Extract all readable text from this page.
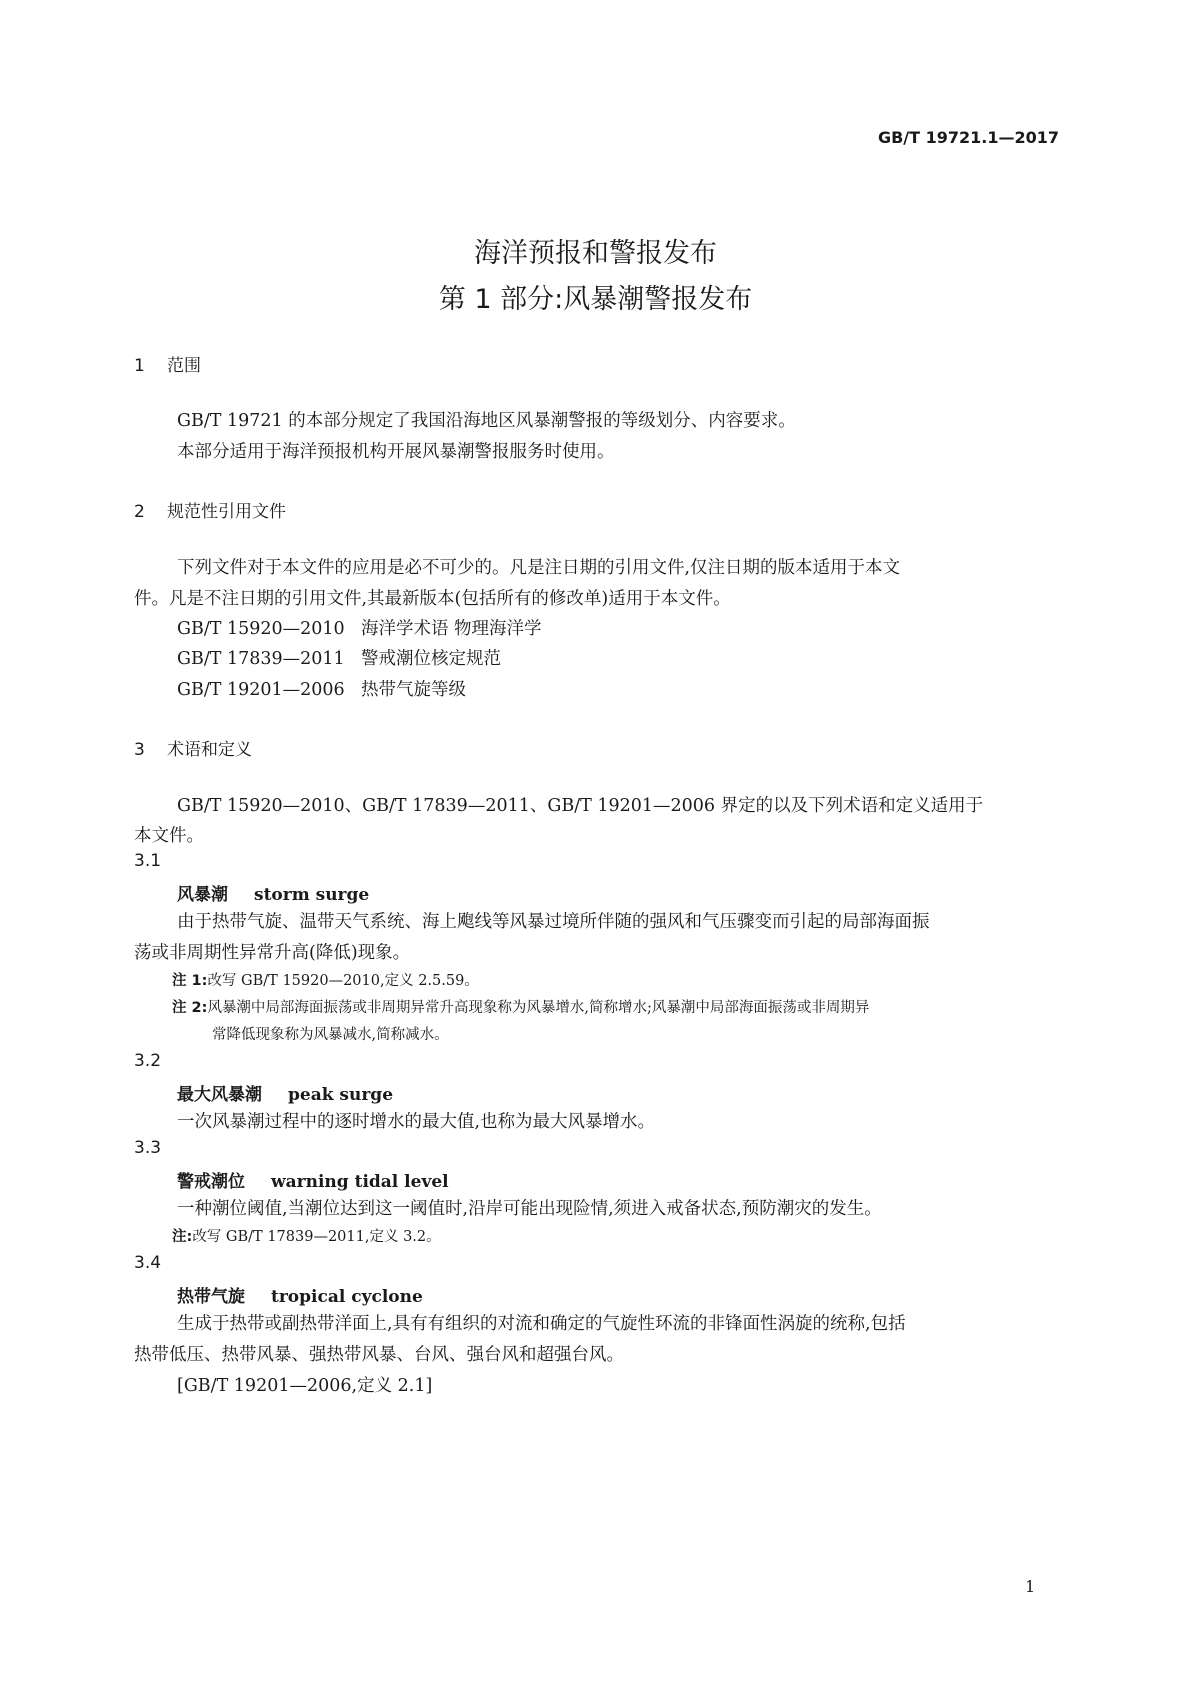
GB/T 19721.1—2017
海洋预报和警报发布
第 1 部分:风暴潮警报发布
1 范围
GB/T 19721 的本部分规定了我国沿海地区风暴潮警报的等级划分、内容要求。
本部分适用于海洋预报机构开展风暴潮警报服务时使用。
2 规范性引用文件
下列文件对于本文件的应用是必不可少的。凡是注日期的引用文件,仅注日期的版本适用于本文
件。凡是不注日期的引用文件,其最新版本(包括所有的修改单)适用于本文件。
GB/T 15920—2010 海洋学术语 物理海洋学
GB/T 17839—2011 警戒潮位核定规范
GB/T 19201—2006 热带气旋等级
3 术语和定义
GB/T 15920—2010、GB/T 17839—2011、GB/T 19201—2006 界定的以及下列术语和定义适用于
本文件。
3.1
风暴潮 storm surge
由于热带气旋、温带天气系统、海上飑线等风暴过境所伴随的强风和气压骤变而引起的局部海面振
荡或非周期性异常升高(降低)现象。
注 1:改写 GB/T 15920—2010,定义 2.5.59。
注 2:风暴潮中局部海面振荡或非周期异常升高现象称为风暴增水,简称增水;风暴潮中局部海面振荡或非周期异
常降低现象称为风暴减水,简称减水。
3.2
最大风暴潮 peak surge
一次风暴潮过程中的逐时增水的最大值,也称为最大风暴增水。
3.3
警戒潮位 warning tidal level
一种潮位阈值,当潮位达到这一阈值时,沿岸可能出现险情,须进入戒备状态,预防潮灾的发生。
注:改写 GB/T 17839—2011,定义 3.2。
3.4
热带气旋 tropical cyclone
生成于热带或副热带洋面上,具有有组织的对流和确定的气旋性环流的非锋面性涡旋的统称,包括
热带低压、热带风暴、强热带风暴、台风、强台风和超强台风。
[GB/T 19201—2006,定义 2.1]
1
